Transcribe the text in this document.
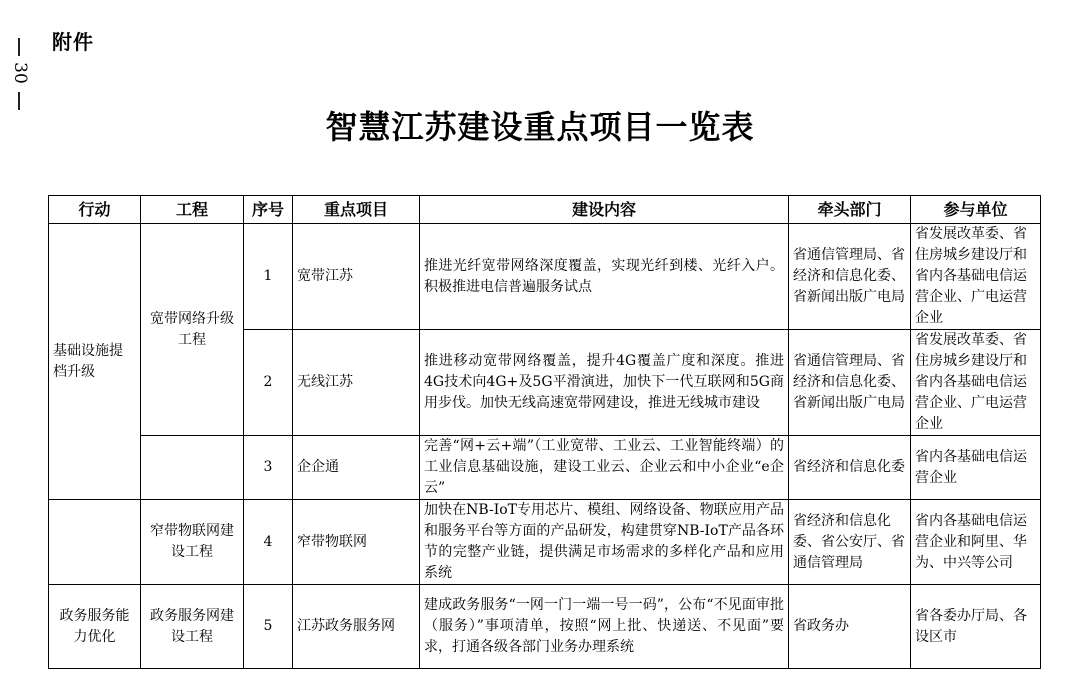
30
附件
智慧江苏建设重点项目一览表
行动	工程	序号	重点项目	建设内容	牵头部门	参与单位
基础设施提档升级	宽带网络升级工程	1	宽带江苏	推进光纤宽带网络深度覆盖，实现光纤到楼、光纤入户。积极推进电信普遍服务试点	省通信管理局、省经济和信息化委、省新闻出版广电局	省发展改革委、省住房城乡建设厅和省内各基础电信运营企业、广电运营企业
		2	无线江苏	推进移动宽带网络覆盖，提升4G覆盖广度和深度。推进4G技术向4G+及5G平滑演进，加快下一代互联网和5G商用步伐。加快无线高速宽带网建设，推进无线城市建设	省通信管理局、省经济和信息化委、省新闻出版广电局	省发展改革委、省住房城乡建设厅和省内各基础电信运营企业、广电运营企业
		3	企企通	完善“网+云+端”（工业宽带、工业云、工业智能终端）的工业信息基础设施，建设工业云、企业云和中小企业“e企云”	省经济和信息化委	省内各基础电信运营企业
	窄带物联网建设工程	4	窄带物联网	加快在NB-IoT专用芯片、模组、网络设备、物联应用产品和服务平台等方面的产品研发，构建贯穿NB-IoT产品各环节的完整产业链，提供满足市场需求的多样化产品和应用系统	省经济和信息化委、省公安厅、省通信管理局	省内各基础电信运营企业和阿里、华为、中兴等公司
政务服务能力优化	政务服务网建设工程	5	江苏政务服务网	建成政务服务“一网一门一端一号一码”，公布“不见面审批（服务）”事项清单，按照“网上批、快递送、不见面”要求，打通各级各部门业务办理系统	省政务办	省各委办厅局、各设区市
